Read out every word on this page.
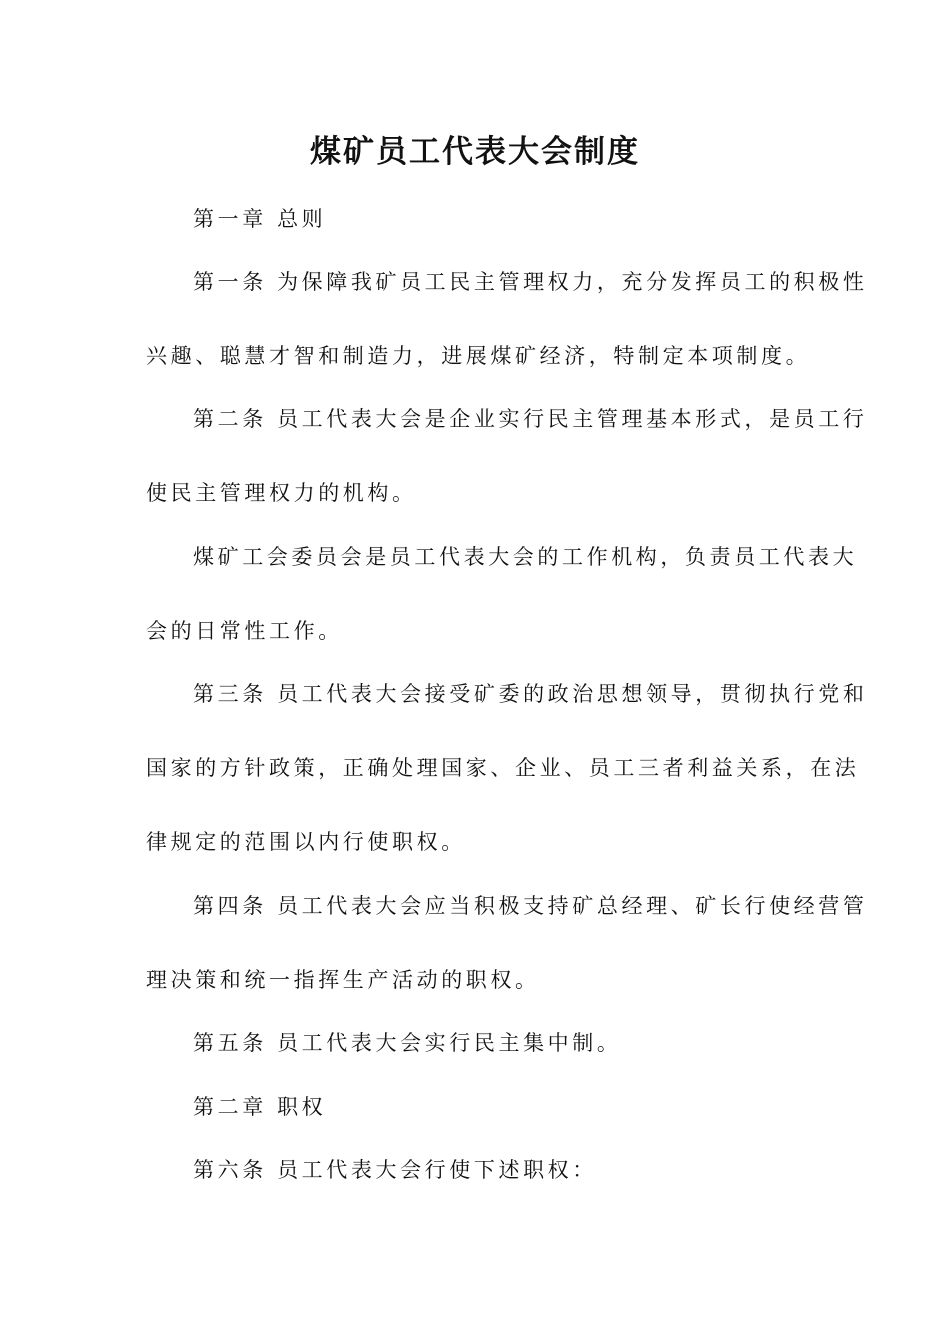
煤矿员工代表大会制度

第一章 总则

第一条 为保障我矿员工民主管理权力，充分发挥员工的积极性

兴趣、聪慧才智和制造力，进展煤矿经济，特制定本项制度。

第二条 员工代表大会是企业实行民主管理基本形式，是员工行

使民主管理权力的机构。

煤矿工会委员会是员工代表大会的工作机构，负责员工代表大

会的日常性工作。

第三条 员工代表大会接受矿委的政治思想领导，贯彻执行党和

国家的方针政策，正确处理国家、企业、员工三者利益关系，在法

律规定的范围以内行使职权。

第四条 员工代表大会应当积极支持矿总经理、矿长行使经营管

理决策和统一指挥生产活动的职权。

第五条 员工代表大会实行民主集中制。

第二章 职权

第六条 员工代表大会行使下述职权：
